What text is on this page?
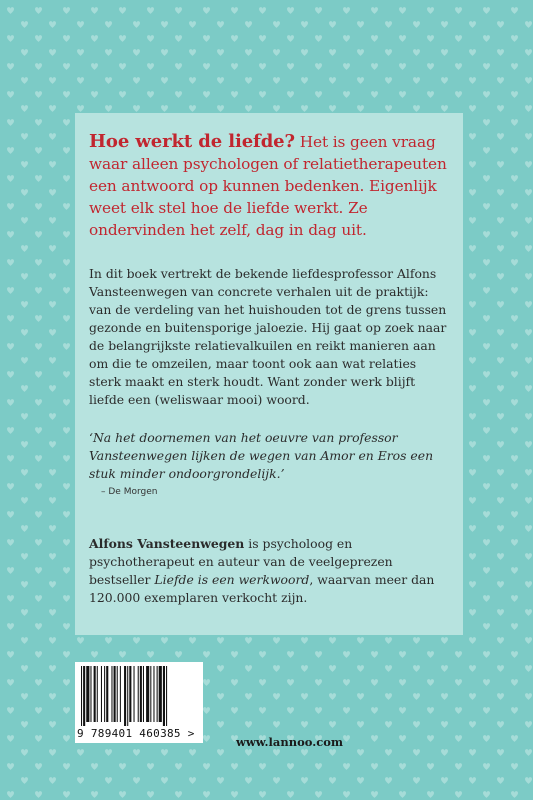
Hoe werkt de liefde? Het is geen vraag waar alleen psychologen of relatietherapeuten een antwoord op kunnen bedenken. Eigenlijk weet elk stel hoe de liefde werkt. Ze ondervinden het zelf, dag in dag uit.

In dit boek vertrekt de bekende liefdesprofessor Alfons Vansteenwegen van concrete verhalen uit de praktijk: van de verdeling van het huishouden tot de grens tussen gezonde en buitensporige jaloezie. Hij gaat op zoek naar de belangrijkste relatievalkuilen en reikt manieren aan om die te omzeilen, maar toont ook aan wat relaties sterk maakt en sterk houdt. Want zonder werk blijft liefde een (weliswaar mooi) woord.

‘Na het doornemen van het oeuvre van professor Vansteenwegen lijken de wegen van Amor en Eros een stuk minder ondoorgrondelijk.’

– De Morgen

Alfons Vansteenwegen is psycholoog en psychotherapeut en auteur van de veelgeprezen bestseller Liefde is een werkwoord, waarvan meer dan 120.000 exemplaren verkocht zijn.

9 789401 460385 >
www.lannoo.com
